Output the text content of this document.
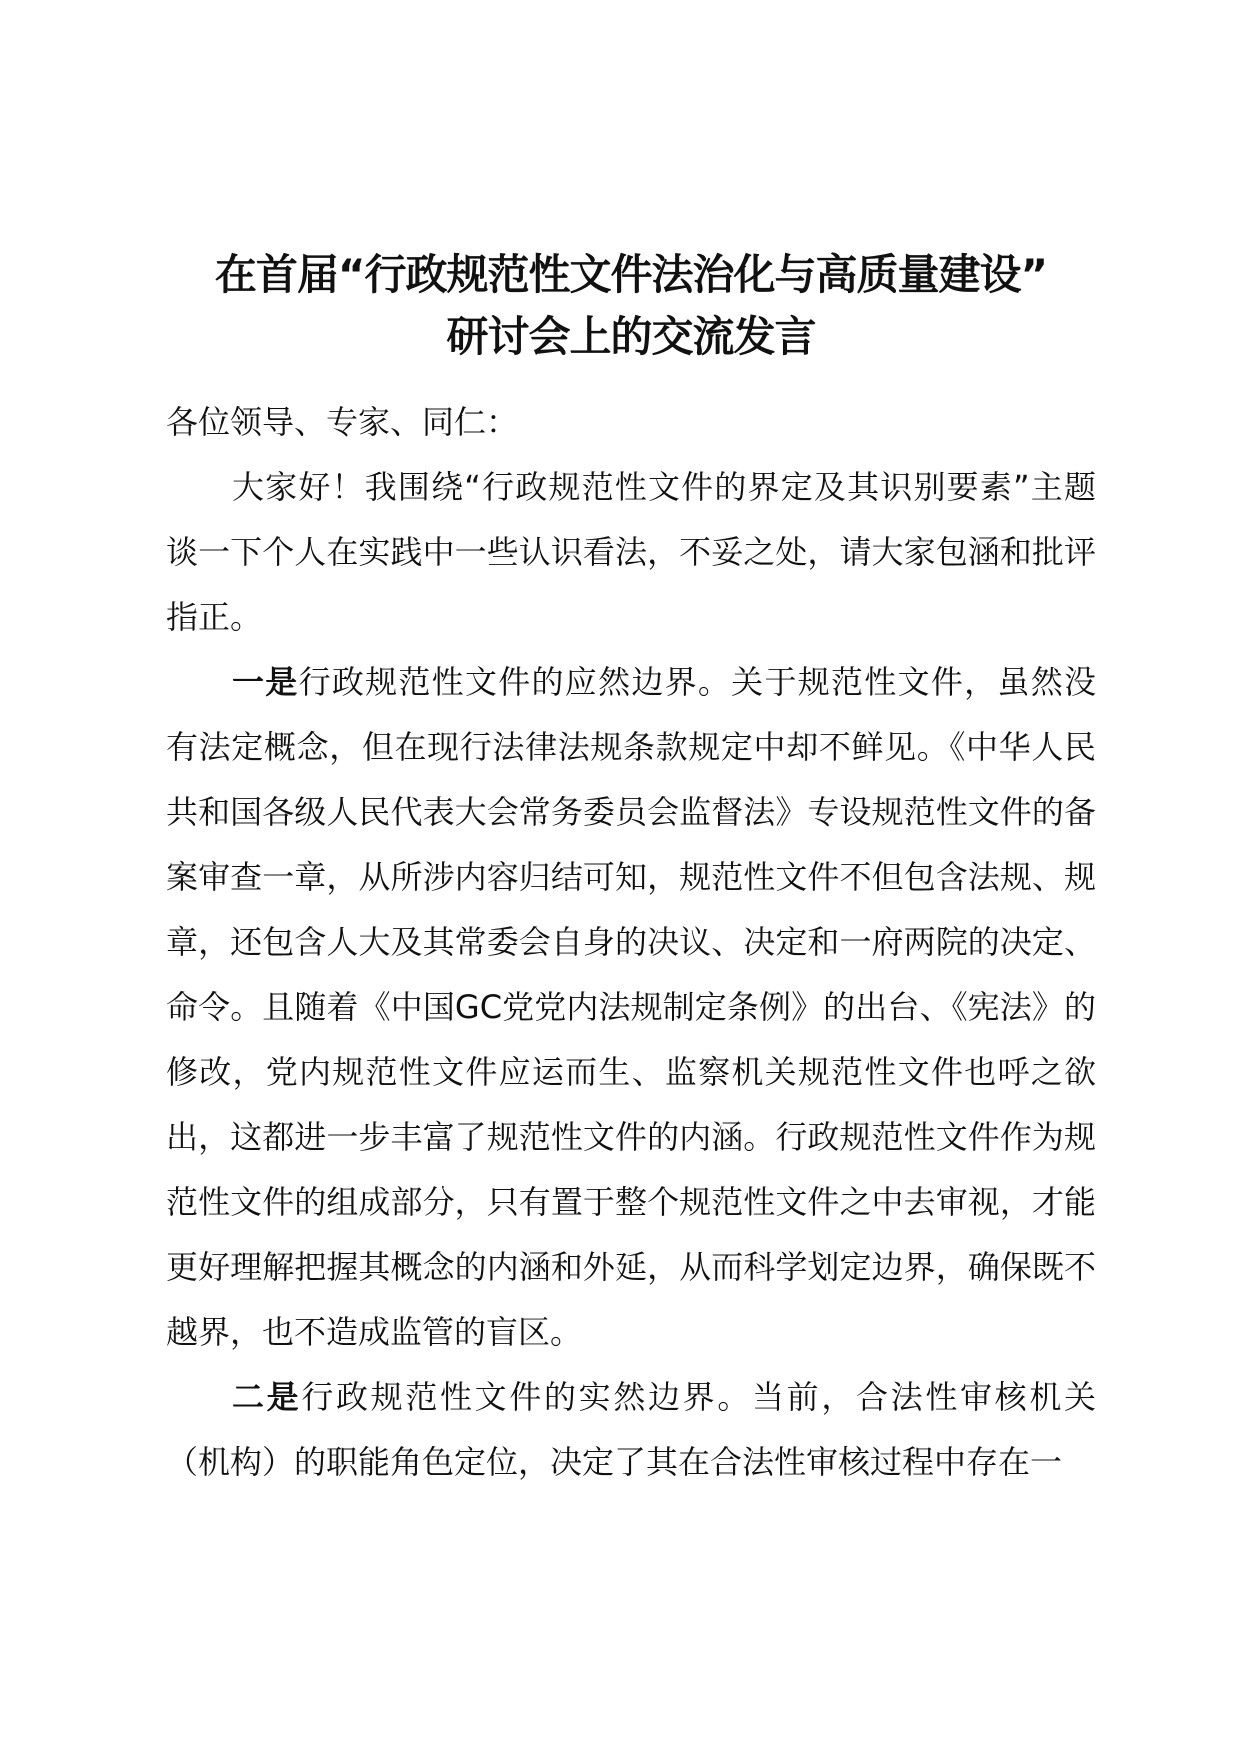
在首届“行政规范性文件法治化与高质量建设”
研讨会上的交流发言

各位领导、专家、同仁：

大家好！我围绕“行政规范性文件的界定及其识别要素”主题谈一下个人在实践中一些认识看法，不妥之处，请大家包涵和批评指正。

一是行政规范性文件的应然边界。关于规范性文件，虽然没有法定概念，但在现行法律法规条款规定中却不鲜见。《中华人民共和国各级人民代表大会常务委员会监督法》专设规范性文件的备案审查一章，从所涉内容归结可知，规范性文件不但包含法规、规章，还包含人大及其常委会自身的决议、决定和一府两院的决定、命令。且随着《中国GC党党内法规制定条例》的出台、《宪法》的修改，党内规范性文件应运而生、监察机关规范性文件也呼之欲出，这都进一步丰富了规范性文件的内涵。行政规范性文件作为规范性文件的组成部分，只有置于整个规范性文件之中去审视，才能更好理解把握其概念的内涵和外延，从而科学划定边界，确保既不越界，也不造成监管的盲区。

二是行政规范性文件的实然边界。当前，合法性审核机关（机构）的职能角色定位，决定了其在合法性审核过程中存在一
